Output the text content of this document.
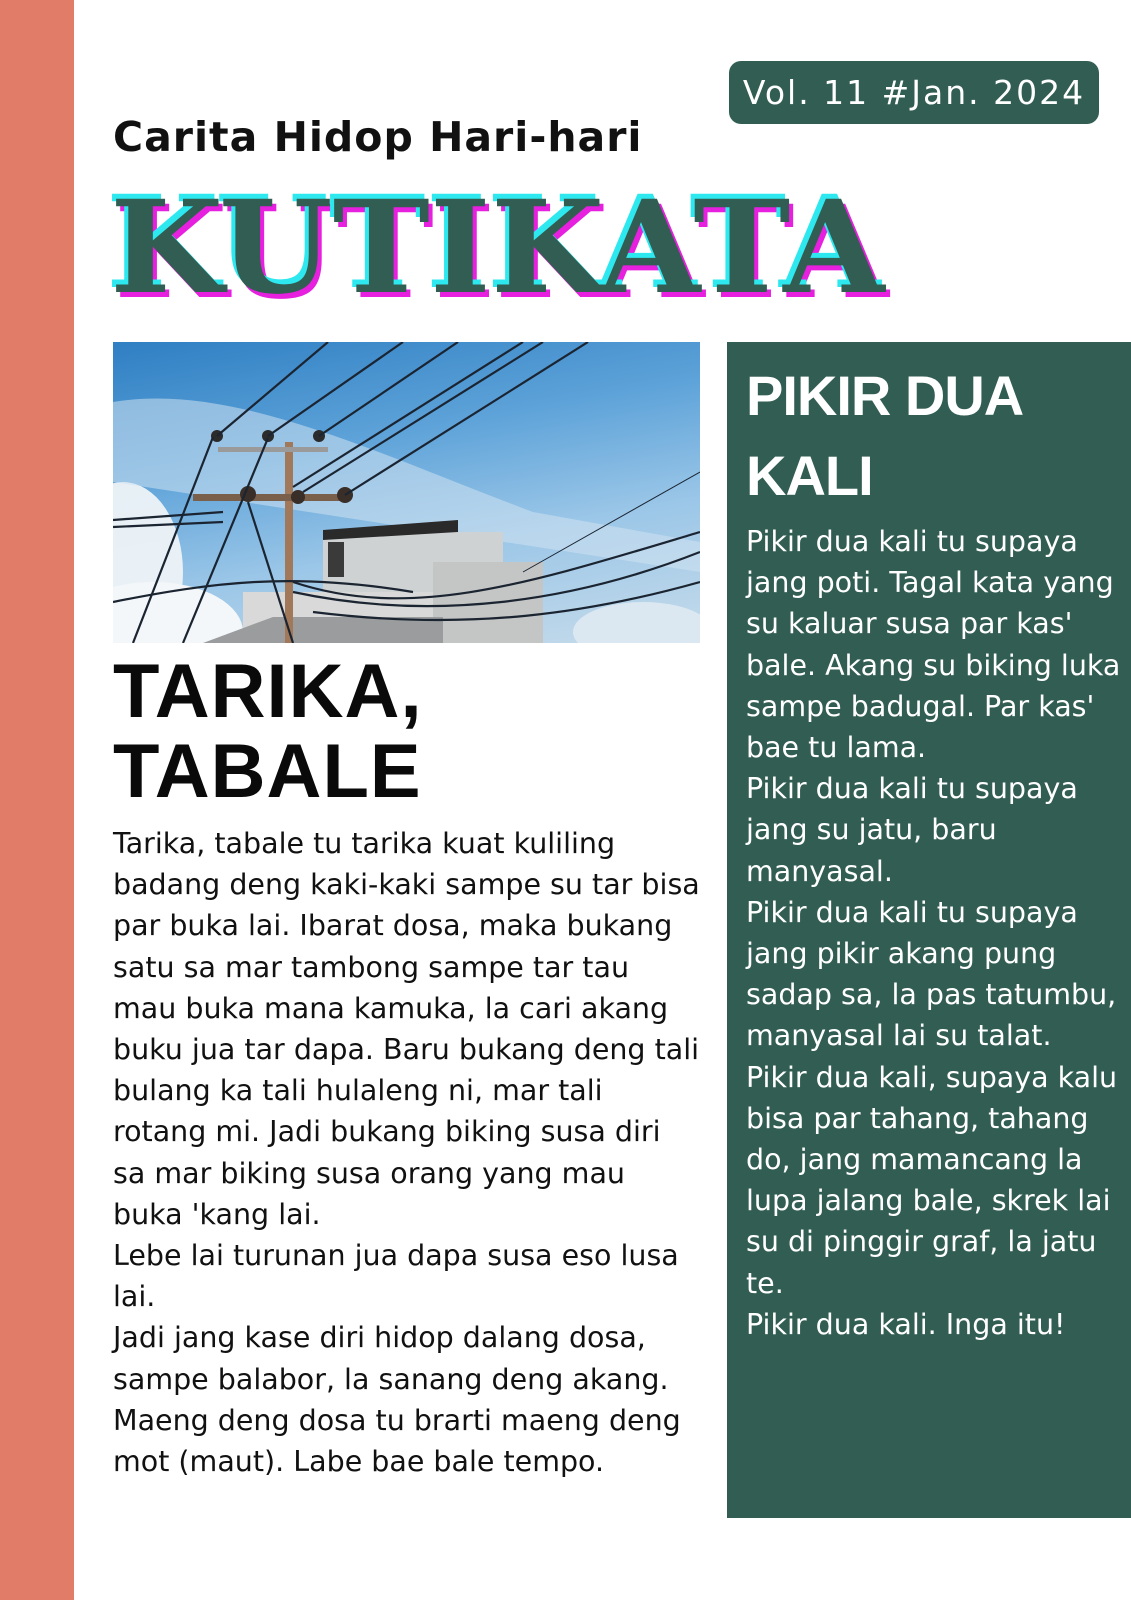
Vol. 11 #Jan. 2024
Carita Hidop Hari-hari
KUTIKATA
TARIKA,
TABALE

Tarika, tabale tu tarika kuat kuliling badang deng kaki-kaki sampe su tar bisa par buka lai. Ibarat dosa, maka bukang satu sa mar tambong sampe tar tau mau buka mana kamuka, la cari akang buku jua tar dapa. Baru bukang deng tali bulang ka tali hulaleng ni, mar tali rotang mi. Jadi bukang biking susa diri sa mar biking susa orang yang mau buka 'kang lai.

Lebe lai turunan jua dapa susa eso lusa lai.

Jadi jang kase diri hidop dalang dosa, sampe balabor, la sanang deng akang. Maeng deng dosa tu brarti maeng deng mot (maut). Labe bae bale tempo.

PIKIR DUA
KALI

Pikir dua kali tu supaya jang poti. Tagal kata yang su kaluar susa par kas' bale. Akang su biking luka sampe badugal. Par kas' bae tu lama.

Pikir dua kali tu supaya jang su jatu, baru manyasal.

Pikir dua kali tu supaya jang pikir akang pung sadap sa, la pas tatumbu, manyasal lai su talat.

Pikir dua kali, supaya kalu bisa par tahang, tahang do, jang mamancang la lupa jalang bale, skrek lai su di pinggir graf, la jatu te.

Pikir dua kali. Inga itu!
